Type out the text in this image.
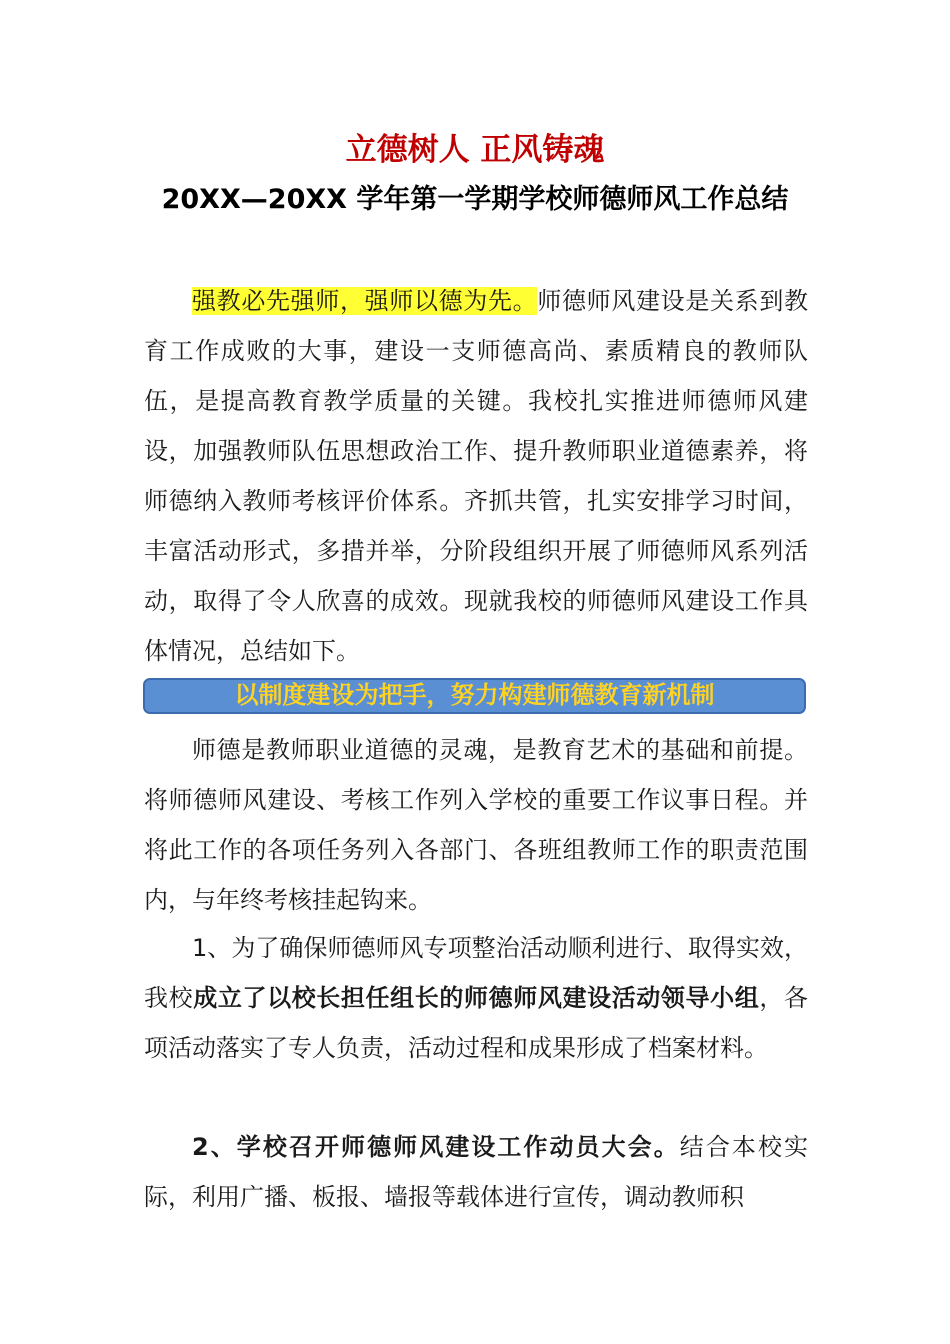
立德树人 正风铸魂
20XX—20XX 学年第一学期学校师德师风工作总结

强教必先强师，强师以德为先。师德师风建设是关系到教育工作成败的大事，建设一支师德高尚、素质精良的教师队伍，是提高教育教学质量的关键。我校扎实推进师德师风建设，加强教师队伍思想政治工作、提升教师职业道德素养，将师德纳入教师考核评价体系。齐抓共管，扎实安排学习时间，丰富活动形式，多措并举，分阶段组织开展了师德师风系列活动，取得了令人欣喜的成效。现就我校的师德师风建设工作具体情况，总结如下。

以制度建设为把手，努力构建师德教育新机制

师德是教师职业道德的灵魂，是教育艺术的基础和前提。将师德师风建设、考核工作列入学校的重要工作议事日程。并将此工作的各项任务列入各部门、各班组教师工作的职责范围内，与年终考核挂起钩来。

1、为了确保师德师风专项整治活动顺利进行、取得实效，我校成立了以校长担任组长的师德师风建设活动领导小组，各项活动落实了专人负责，活动过程和成果形成了档案材料。

2、学校召开师德师风建设工作动员大会。结合本校实际，利用广播、板报、墙报等载体进行宣传，调动教师积
